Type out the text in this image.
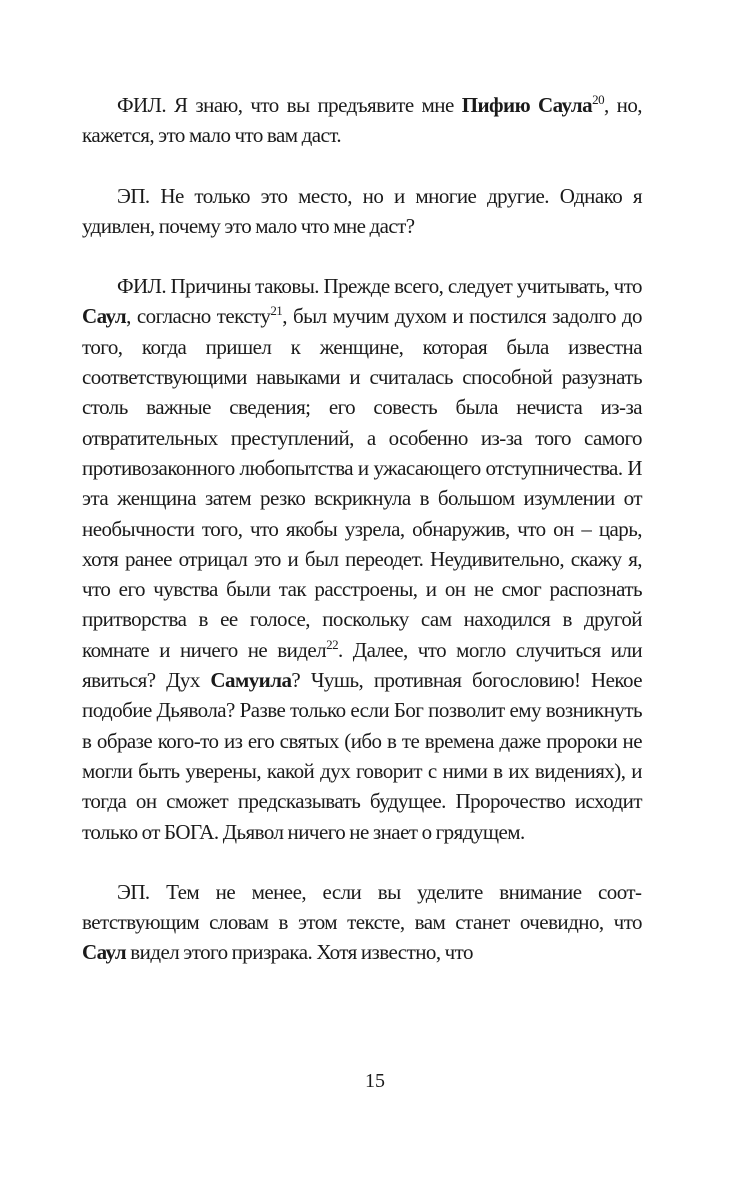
ФИЛ. Я знаю, что вы предъявите мне Пифию Саула$^{20}$, но, кажется, это мало что вам даст.

ЭП. Не только это место, но и многие другие. Однако я удивлен, почему это мало что мне даст?

ФИЛ. Причины таковы. Прежде всего, следует учитывать, что Саул, согласно тексту$^{21}$, был мучим духом и постился задолго до того, когда пришел к женщине, которая была известна соответствующими навыками и считалась способной разузнать столь важные сведения; его совесть была нечиста из-за отвратительных преступлений, а особенно из-за того самого противозаконного любопытства и ужасающего отступничества. И эта женщина затем резко вскрикнула в большом изумлении от необычности того, что якобы узрела, обнаружив, что он – царь, хотя ранее отрицал это и был переодет. Неудивительно, скажу я, что его чувства были так расстроены, и он не смог распознать притворства в ее голосе, поскольку сам находился в другой комнате и ничего не видел$^{22}$. Далее, что могло случиться или явиться? Дух Самуила? Чушь, противная богословию! Некое подобие Дьявола? Разве только если Бог позволит ему возникнуть в образе кого-то из его святых (ибо в те времена даже пророки не могли быть уверены, какой дух говорит с ними в их видениях), и тогда он сможет предсказывать будущее. Пророчество исходит только от БОГА. Дьявол ничего не знает о грядущем.

ЭП. Тем не менее, если вы уделите внимание соответствующим словам в этом тексте, вам станет очевидно, что Саул видел этого призрака. Хотя известно, что

15
